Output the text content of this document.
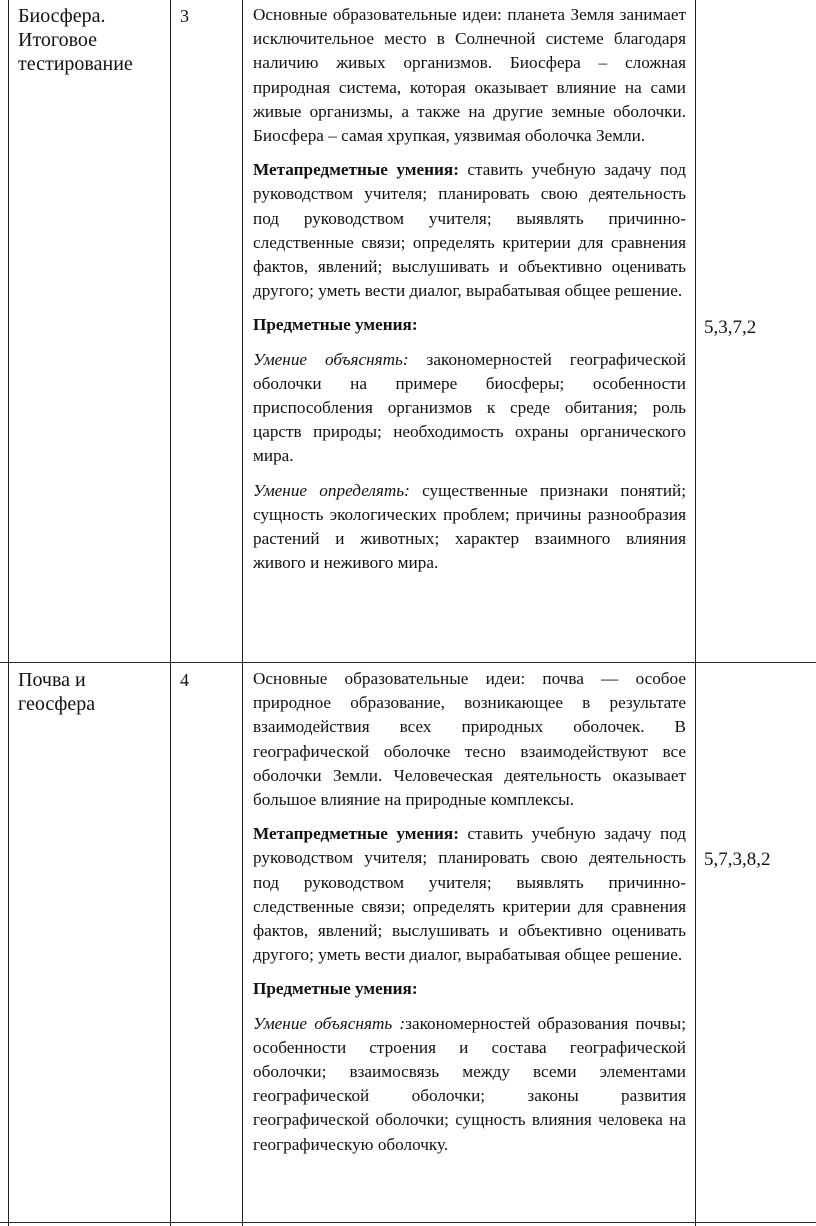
Биосфера. Итоговое тестирование
3	Основные образовательные идеи: планета Земля занимает исключительное место в Солнечной системе благодаря наличию живых организмов. Биосфера – сложная природная система, которая оказывает влияние на сами живые организмы, а также на другие земные оболочки. Биосфера – самая хрупкая, уязвимая оболочка Земли.

Метапредметные умения: ставить учебную задачу под руководством учителя; планировать свою деятельность под руководством учителя; выявлять причинно-следственные связи; определять критерии для сравнения фактов, явлений; выслушивать и объективно оценивать другого; уметь вести диалог, вырабатывая общее решение.

Предметные умения:

Умение объяснять: закономерностей географической оболочки на примере биосферы; особенности приспособления организмов к среде обитания; роль царств природы; необходимость охраны органического мира.

Умение определять: существенные признаки понятий; сущность экологических проблем; причины разнообразия растений и животных; характер взаимного влияния живого и неживого мира.

5,3,7,2
Почва и геосфера
4	Основные образовательные идеи: почва — особое природное образование, возникающее в результате взаимодействия всех природных оболочек. В географической оболочке тесно взаимодействуют все оболочки Земли. Человеческая деятельность оказывает большое влияние на природные комплексы.

Метапредметные умения: ставить учебную задачу под руководством учителя; планировать свою деятельность под руководством учителя; выявлять причинно-следственные связи; определять критерии для сравнения фактов, явлений; выслушивать и объективно оценивать другого; уметь вести диалог, вырабатывая общее решение.

Предметные умения:

Умение объяснять :закономерностей образования почвы; особенности строения и состава географической оболочки; взаимосвязь между всеми элементами географической оболочки; законы развития географической оболочки; сущность влияния человека на географическую оболочку.

5,7,3,8,2
